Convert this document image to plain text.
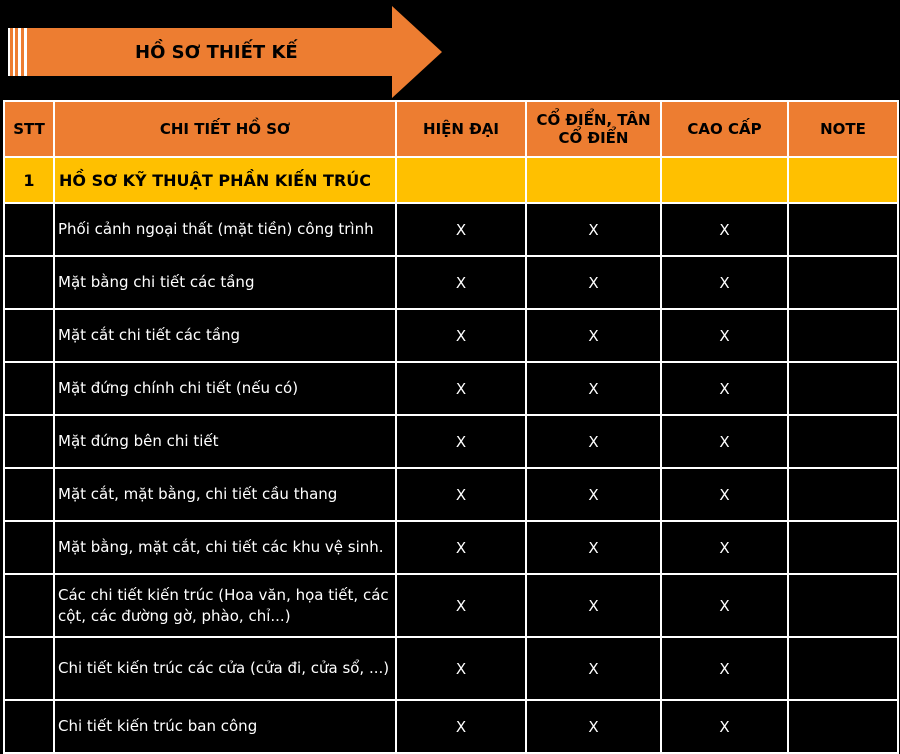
HỒ SƠ THIẾT KẾ
STT	CHI TIẾT HỒ SƠ	HIỆN ĐẠI	CỔ ĐIỂN, TÂN CỔ ĐIỂN	CAO CẤP	NOTE
1	HỒ SƠ KỸ THUẬT PHẦN KIẾN TRÚC				
	Phối cảnh ngoại thất (mặt tiền) công trình	X	X	X	
	Mặt bằng chi tiết các tầng	X	X	X	
	Mặt cắt chi tiết các tầng	X	X	X	
	Mặt đứng chính chi tiết (nếu có)	X	X	X	
	Mặt đứng bên chi tiết	X	X	X	
	Mặt cắt, mặt bằng, chi tiết cầu thang	X	X	X	
	Mặt bằng, mặt cắt, chi tiết các khu vệ sinh.	X	X	X	
	Các chi tiết kiến trúc (Hoa văn, họa tiết, các cột, các đường gờ, phào, chỉ...)	X	X	X	
	Chi tiết kiến trúc các cửa (cửa đi, cửa sổ, ...)	X	X	X	
	Chi tiết kiến trúc ban công	X	X	X	
